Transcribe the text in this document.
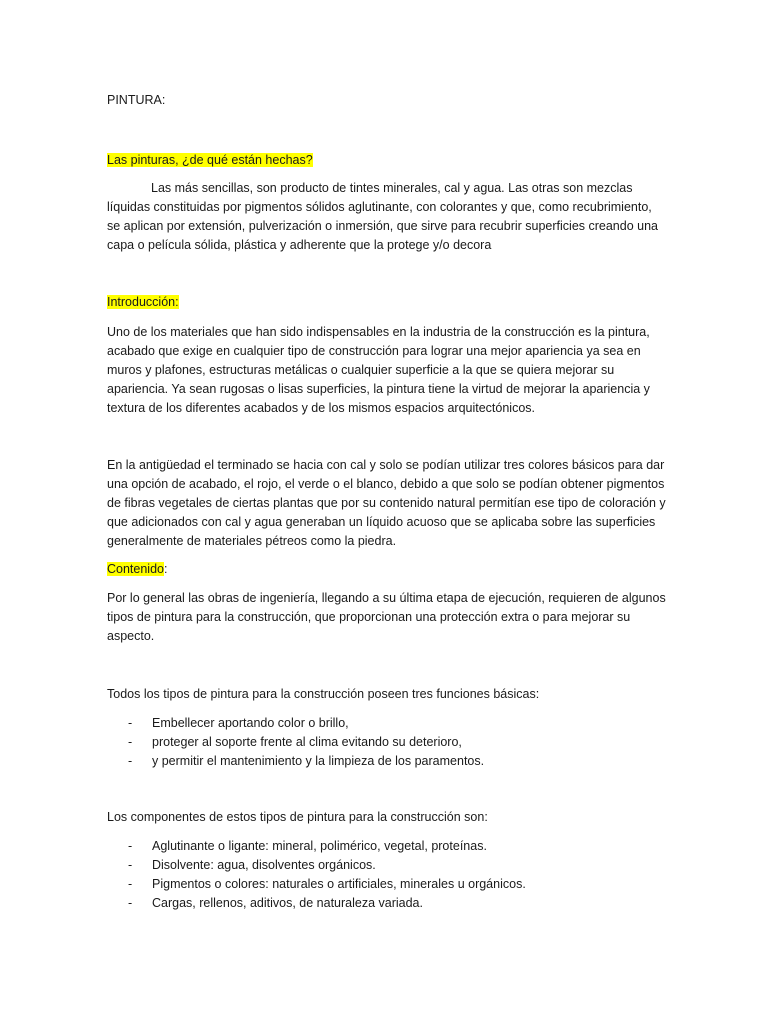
PINTURA:

Las pinturas, ¿de qué están hechas?

Las más sencillas, son producto de tintes minerales, cal y agua. Las otras son mezclas líquidas constituidas por pigmentos sólidos aglutinante, con colorantes y que, como recubrimiento, se aplican por extensión, pulverización o inmersión, que sirve para recubrir superficies creando una capa o película sólida, plástica y adherente que la protege y/o decora

Introducción:

Uno de los materiales que han sido indispensables en la industria de la construcción es la pintura, acabado que exige en cualquier tipo de construcción para lograr una mejor apariencia ya sea en muros y plafones, estructuras metálicas o cualquier superficie a la que se quiera mejorar su apariencia. Ya sean rugosas o lisas superficies, la pintura tiene la virtud de mejorar la apariencia y textura de los diferentes acabados y de los mismos espacios arquitectónicos.

En la antigüedad el terminado se hacia con cal y solo se podían utilizar tres colores básicos para dar una opción de acabado, el rojo, el verde o el blanco, debido a que solo se podían obtener pigmentos de fibras vegetales de ciertas plantas que por su contenido natural permitían ese tipo de coloración y que adicionados con cal y agua generaban un líquido acuoso que se aplicaba sobre las superficies generalmente de materiales pétreos como la piedra.

Contenido:

Por lo general las obras de ingeniería, llegando a su última etapa de ejecución, requieren de algunos tipos de pintura para la construcción, que proporcionan una protección extra o para mejorar su aspecto.

Todos los tipos de pintura para la construcción poseen tres funciones básicas:

- Embellecer aportando color o brillo,
- proteger al soporte frente al clima evitando su deterioro,
- y permitir el mantenimiento y la limpieza de los paramentos.

Los componentes de estos tipos de pintura para la construcción son:

- Aglutinante o ligante: mineral, polimérico, vegetal, proteínas.
- Disolvente: agua, disolventes orgánicos.
- Pigmentos o colores: naturales o artificiales, minerales u orgánicos.
- Cargas, rellenos, aditivos, de naturaleza variada.
